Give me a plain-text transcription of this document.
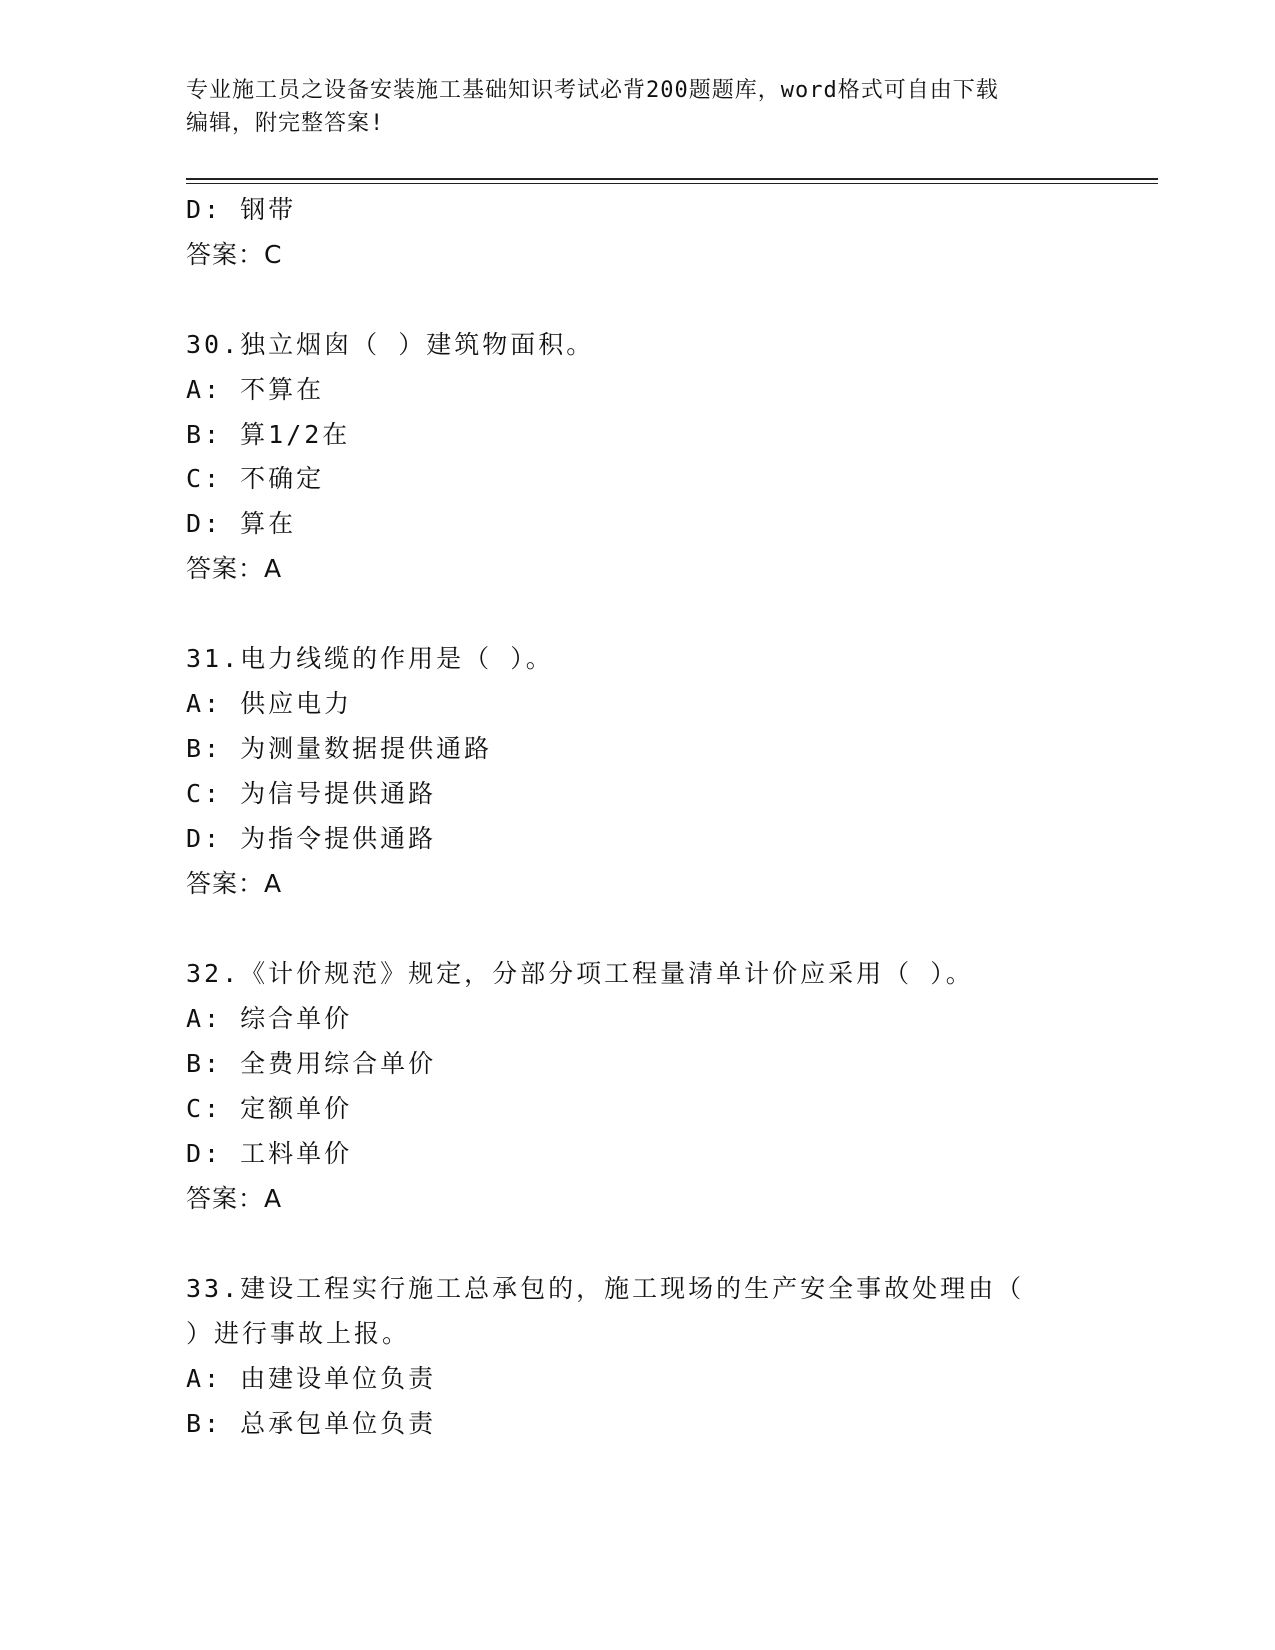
专业施工员之设备安装施工基础知识考试必背200题题库，word格式可自由下载
编辑，附完整答案!
D: 钢带
答案：C
30.独立烟囱（ ）建筑物面积。
A: 不算在
B: 算1/2在
C: 不确定
D: 算在
答案：A
31.电力线缆的作用是（ ）。
A: 供应电力
B: 为测量数据提供通路
C: 为信号提供通路
D: 为指令提供通路
答案：A
32.《计价规范》规定，分部分项工程量清单计价应采用（ ）。
A: 综合单价
B: 全费用综合单价
C: 定额单价
D: 工料单价
答案：A
33.建设工程实行施工总承包的，施工现场的生产安全事故处理由（
）进行事故上报。
A: 由建设单位负责
B: 总承包单位负责
